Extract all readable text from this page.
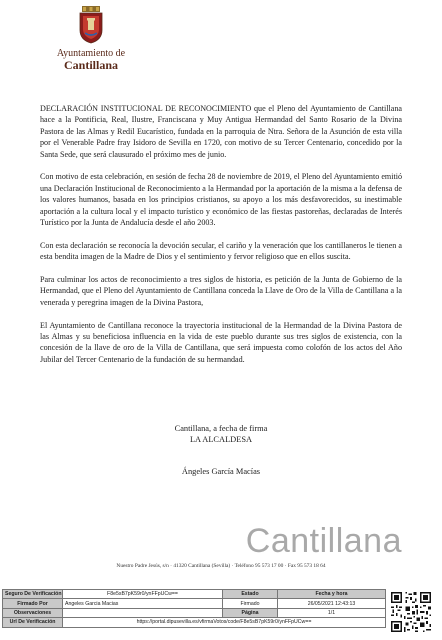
Ayuntamiento de
Cantillana

DECLARACIÓN INSTITUCIONAL DE RECONOCIMIENTO que el Pleno del Ayuntamiento de Cantillana hace a la Pontificia, Real, Ilustre, Franciscana y Muy Antigua Hermandad del Santo Rosario de la Divina Pastora de las Almas y Redil Eucarístico, fundada en la parroquia de Ntra. Señora de la Asunción de esta villa por el Venerable Padre fray Isidoro de Sevilla en 1720, con motivo de su Tercer Centenario, concedido por la Santa Sede, que será clausurado el próximo mes de junio.

Con motivo de esta celebración, en sesión de fecha 28 de noviembre de 2019, el Pleno del Ayuntamiento emitió una Declaración Institucional de Reconocimiento a la Hermandad por la aportación de la misma a la defensa de los valores humanos, basada en los principios cristianos, su apoyo a los más desfavorecidos, su inestimable aportación a la cultura local y el impacto turístico y económico de las fiestas pastoreñas, declaradas de Interés Turístico por la Junta de Andalucía desde el año 2003.

Con esta declaración se reconocía la devoción secular, el cariño y la veneración que los cantillaneros le tienen a esta bendita imagen de la Madre de Dios y el sentimiento y fervor religioso que en ellos suscita.

Para culminar los actos de reconocimiento a tres siglos de historia, es petición de la Junta de Gobierno de la Hermandad, que el Pleno del Ayuntamiento de Cantillana conceda la Llave de Oro de la Villa de Cantillana a la venerada y peregrina imagen de la Divina Pastora,

El Ayuntamiento de Cantillana reconoce la trayectoria institucional de la Hermandad de la Divina Pastora de las Almas y su beneficiosa influencia en la vida de este pueblo durante sus tres siglos de existencia, con la concesión de la llave de oro de la Villa de Cantillana, que será impuesta como colofón de los actos del Año Jubilar del Tercer Centenario de la fundación de su hermandad.

Cantillana, a fecha de firma
LA ALCALDESA
Ángeles García Macías
Cantillana
Nuestro Padre Jesús, s/n · 41320 Cantillana (Sevilla) · Teléfono 95 573 17 00 · Fax 95 573 18 64
Seguro De Verificación	F8e5sB7pK59r0/ynFFpUCw==	Estado	Fecha y hora
Firmado Por	Angeles Garcia Macias	Firmado	26/05/2021 12:43:13
Observaciones		Página	1/1
Url De Verificación	https://portal.dipusevilla.es/vfirmaVotos/code/F8e5sB7pK59r0/ynFFpUCw==		
